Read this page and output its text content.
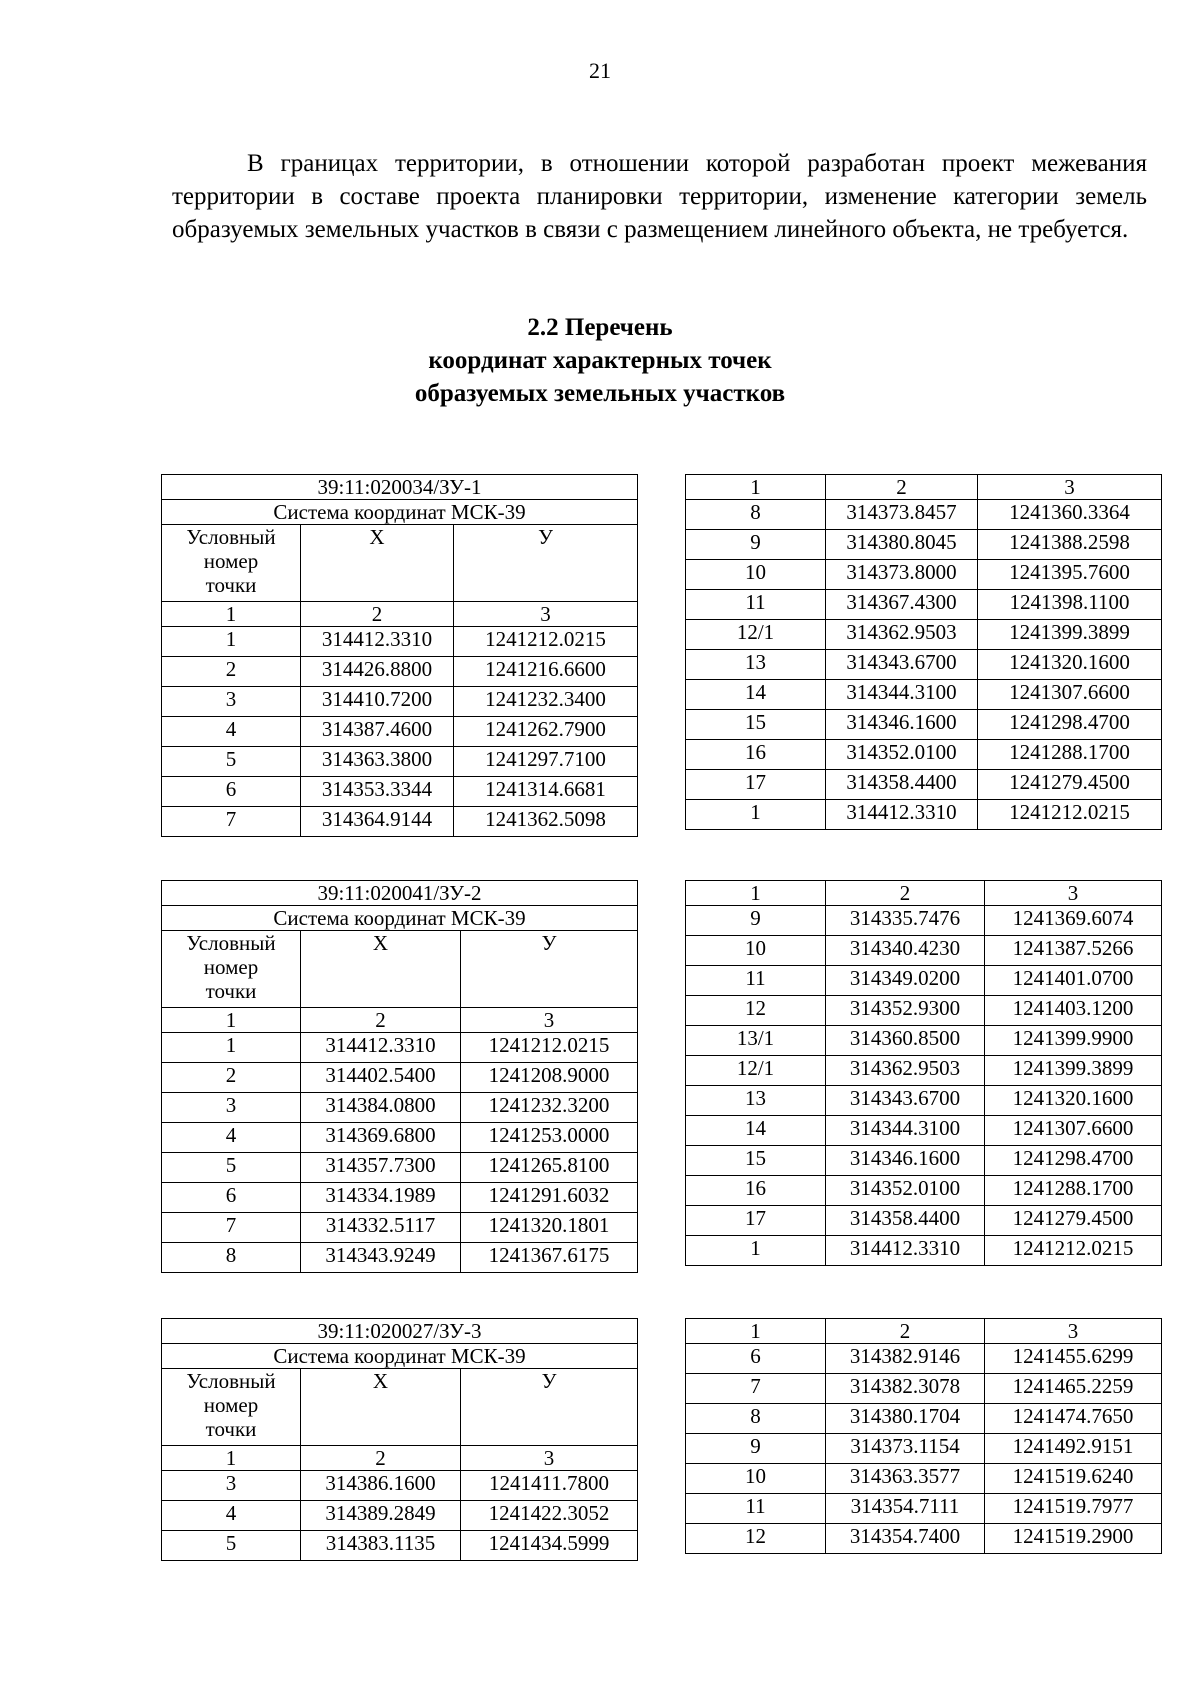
21

В границах территории, в отношении которой разработан проект межевания территории в составе проекта планировки территории, изменение категории земель образуемых земельных участков в связи с размещением линейного объекта, не требуется.

2.2 Перечень
координат характерных точек
образуемых земельных участков
39:11:020034/ЗУ-1		
Система координат МСК-39		

Условный
номер
точки	Х	У
1	2	3
1	314412.3310	1241212.0215
2	314426.8800	1241216.6600
3	314410.7200	1241232.3400
4	314387.4600	1241262.7900
5	314363.3800	1241297.7100
6	314353.3344	1241314.6681
7	314364.9144	1241362.5098
1	2	3
8	314373.8457	1241360.3364
9	314380.8045	1241388.2598
10	314373.8000	1241395.7600
11	314367.4300	1241398.1100
12/1	314362.9503	1241399.3899
13	314343.6700	1241320.1600
14	314344.3100	1241307.6600
15	314346.1600	1241298.4700
16	314352.0100	1241288.1700
17	314358.4400	1241279.4500
1	314412.3310	1241212.0215
39:11:020041/ЗУ-2		
Система координат МСК-39		

Условный
номер
точки	Х	У
1	2	3
1	314412.3310	1241212.0215
2	314402.5400	1241208.9000
3	314384.0800	1241232.3200
4	314369.6800	1241253.0000
5	314357.7300	1241265.8100
6	314334.1989	1241291.6032
7	314332.5117	1241320.1801
8	314343.9249	1241367.6175
1	2	3
9	314335.7476	1241369.6074
10	314340.4230	1241387.5266
11	314349.0200	1241401.0700
12	314352.9300	1241403.1200
13/1	314360.8500	1241399.9900
12/1	314362.9503	1241399.3899
13	314343.6700	1241320.1600
14	314344.3100	1241307.6600
15	314346.1600	1241298.4700
16	314352.0100	1241288.1700
17	314358.4400	1241279.4500
1	314412.3310	1241212.0215
39:11:020027/ЗУ-3		
Система координат МСК-39		

Условный
номер
точки	Х	У
1	2	3
3	314386.1600	1241411.7800
4	314389.2849	1241422.3052
5	314383.1135	1241434.5999
1	2	3
6	314382.9146	1241455.6299
7	314382.3078	1241465.2259
8	314380.1704	1241474.7650
9	314373.1154	1241492.9151
10	314363.3577	1241519.6240
11	314354.7111	1241519.7977
12	314354.7400	1241519.2900
